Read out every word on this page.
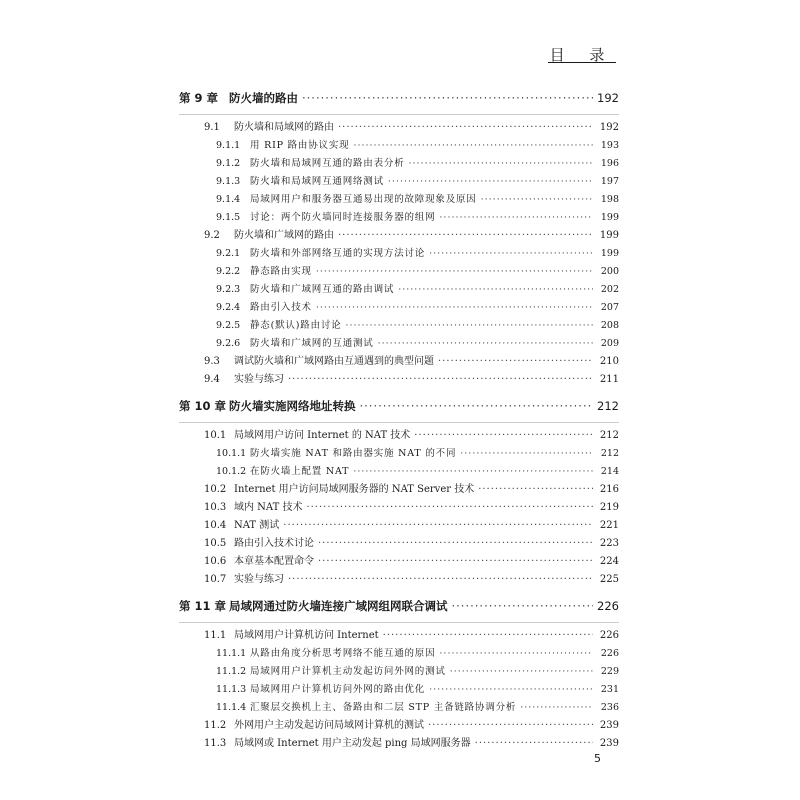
目 录
第 9 章 防火墙的路由 ·····	192
9.1	防火墙和局域网的路由 ·····	192
9.1.1	用 RIP 路由协议实现 ·····	193
9.1.2	防火墙和局域网互通的路由表分析 ·····	196
9.1.3	防火墙和局域网互通网络测试 ·····	197
9.1.4	局域网用户和服务器互通易出现的故障现象及原因 ·····	198
9.1.5	讨论：两个防火墙同时连接服务器的组网 ·····	199
9.2	防火墙和广域网的路由 ·····	199
9.2.1	防火墙和外部网络互通的实现方法讨论 ·····	199
9.2.2	静态路由实现 ·····	200
9.2.3	防火墙和广域网互通的路由调试 ·····	202
9.2.4	路由引入技术 ·····	207
9.2.5	静态(默认)路由讨论 ·····	208
9.2.6	防火墙和广域网的互通测试 ·····	209
9.3	调试防火墙和广域网路由互通遇到的典型问题 ·····	210
9.4	实验与练习 ·····	211
第 10 章 防火墙实施网络地址转换 ·····	212
10.1 局域网用户访问 Internet 的 NAT 技术 ·····	212
10.1.1 防火墙实施 NAT 和路由器实施 NAT 的不同 ·····	212
10.1.2 在防火墙上配置 NAT ·····	214
10.2 Internet 用户访问局域网服务器的 NAT Server 技术 ·····	216
10.3 域内 NAT 技术 ·····	219
10.4 NAT 测试 ·····	221
10.5 路由引入技术讨论 ·····	223
10.6 本章基本配置命令 ·····	224
10.7 实验与练习 ·····	225
第 11 章 局域网通过防火墙连接广域网组网联合调试 ·····	226
11.1 局域网用户计算机访问 Internet ·····	226
11.1.1 从路由角度分析思考网络不能互通的原因 ·····	226
11.1.2 局域网用户计算机主动发起访问外网的测试 ·····	229
11.1.3 局域网用户计算机访问外网的路由优化 ·····	231
11.1.4 汇聚层交换机上主、备路由和二层 STP 主备链路协调分析 ·····	236
11.2 外网用户主动发起访问局域网计算机的测试 ·····	239
11.3 局域网或 Internet 用户主动发起 ping 局域网服务器 ·····	239
5
